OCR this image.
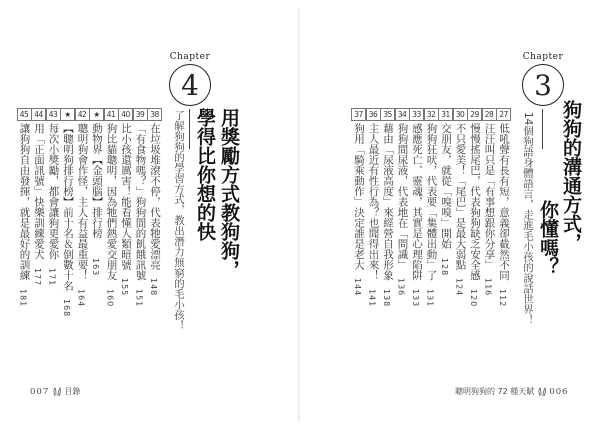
Chapter
4
用獎勵方式教狗狗，
學得比你想的快
了解狗狗的學習方式，教出潛力無窮的毛小孩！
38
在垃圾堆滾不停，代表牠愛漂亮
148
39
「有食物嗎？」狗狗間的飢餓訊號
151
40
比小孩還厲害！能看懂人類暗號
155
41
狗比貓聰明，因為牠們熱愛交朋友
160
★
動物界【金頭腦】排行榜
163
42
聰明狗會作怪，主人有益最重要！
164
★
【聰明狗排行榜】前十名＆倒數十名
168
43
每次小獎勵，都會讓狗更愛你
171
44
用「正面訊號」快樂訓練愛犬
177
45
讓狗狗自由發揮，就是最好的訓練
181
007 目錄
Chapter
3
狗狗的溝通方式，
你懂嗎？
14個狗語身體語言，走進毛小孩的說話世界！
27
低吼聲有長有短，意義卻截然不同
112
28
汪汪叫只是「有事想跟你分享」
116
29
慢慢搖尾巴，代表狗狗缺乏安全感
120
30
不只愛美！「尾巴」是最大弱點
124
31
交朋友，就從「嗅嗅」開始
128
32
狗狗狂吠，代表要「集體出動」了
131
33
感應死亡、靈魂，其實是心理陷阱
133
34
狗狗間尿液，代表地在「問識」
136
35
藉由「尿液高度」來經營自我形象
138
36
主人最近有性行為？也聞得出來！
141
37
狗用「騎乘動作」決定誰是老大
144
聰明狗狗的 72 種天賦 006
